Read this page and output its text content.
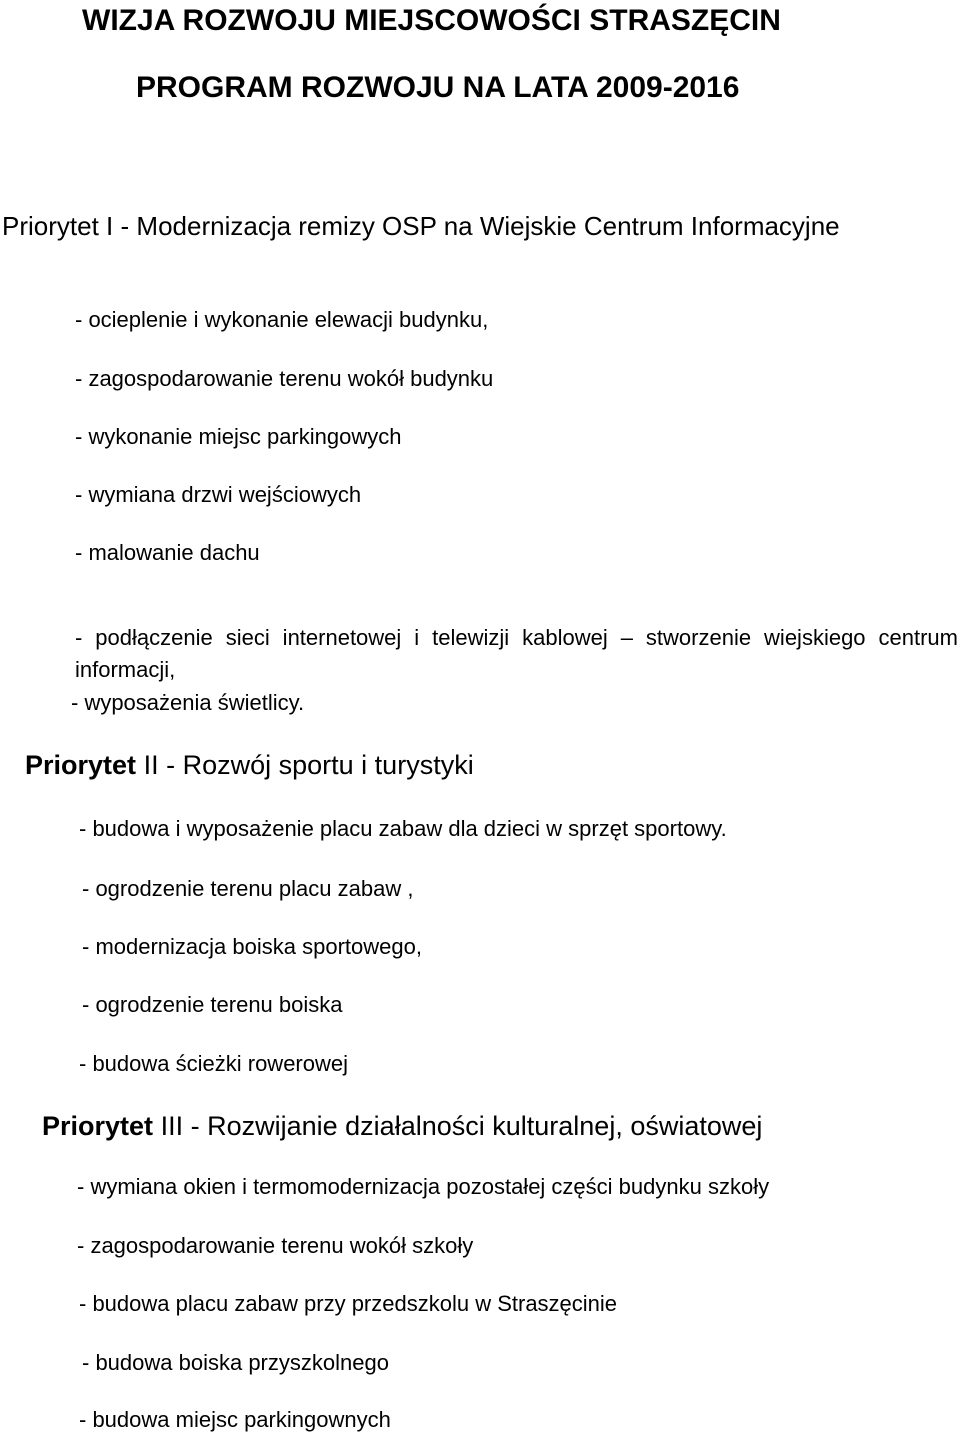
WIZJA ROZWOJU MIEJSCOWOŚCI STRASZĘCIN
PROGRAM ROZWOJU NA LATA 2009-2016
Priorytet I - Modernizacja remizy OSP na Wiejskie Centrum Informacyjne

- ocieplenie i wykonanie elewacji budynku,

- zagospodarowanie terenu wokół budynku

- wykonanie miejsc parkingowych

- wymiana drzwi wejściowych

- malowanie dachu

- podłączenie sieci internetowej i telewizji kablowej – stworzenie wiejskiego centrum informacji,

- wyposażenia świetlicy.

Priorytet II - Rozwój sportu i turystyki

- budowa i wyposażenie placu zabaw dla dzieci w sprzęt sportowy.

- ogrodzenie terenu placu zabaw ,

- modernizacja boiska sportowego,

- ogrodzenie terenu boiska

- budowa ścieżki rowerowej

Priorytet III - Rozwijanie działalności kulturalnej, oświatowej

- wymiana okien i termomodernizacja pozostałej części budynku szkoły

- zagospodarowanie terenu wokół szkoły

- budowa placu zabaw przy przedszkolu w Straszęcinie

- budowa boiska przyszkolnego

- budowa miejsc parkingownych
